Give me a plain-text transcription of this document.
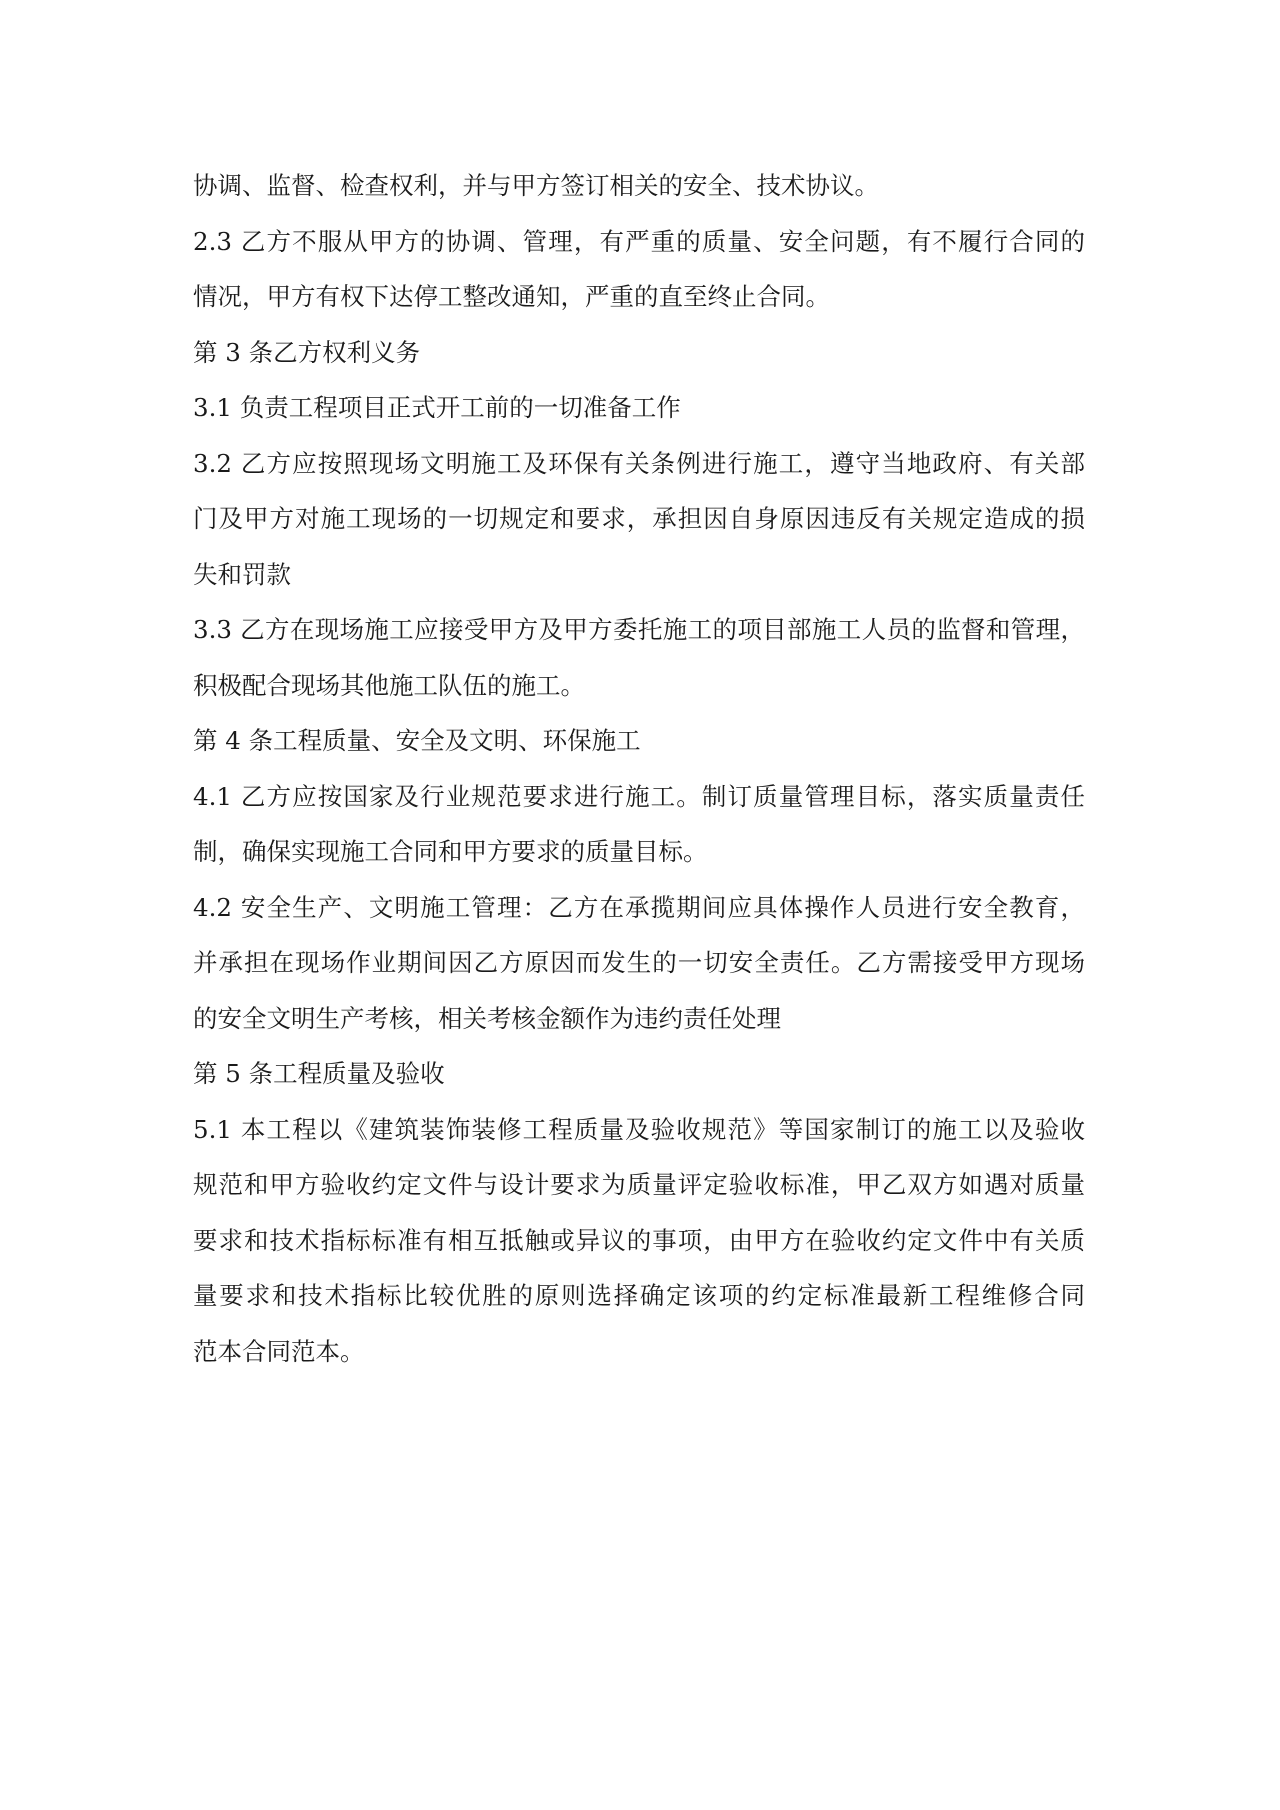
协调、监督、检查权利，并与甲方签订相关的安全、技术协议。
2.3 乙方不服从甲方的协调、管理，有严重的质量、安全问题，有不履行合同的
情况，甲方有权下达停工整改通知，严重的直至终止合同。
第 3 条乙方权利义务
3.1 负责工程项目正式开工前的一切准备工作
3.2 乙方应按照现场文明施工及环保有关条例进行施工，遵守当地政府、有关部
门及甲方对施工现场的一切规定和要求，承担因自身原因违反有关规定造成的损
失和罚款
3.3 乙方在现场施工应接受甲方及甲方委托施工的项目部施工人员的监督和管理，
积极配合现场其他施工队伍的施工。
第 4 条工程质量、安全及文明、环保施工
4.1 乙方应按国家及行业规范要求进行施工。制订质量管理目标，落实质量责任
制，确保实现施工合同和甲方要求的质量目标。
4.2 安全生产、文明施工管理：乙方在承揽期间应具体操作人员进行安全教育，
并承担在现场作业期间因乙方原因而发生的一切安全责任。乙方需接受甲方现场
的安全文明生产考核，相关考核金额作为违约责任处理
第 5 条工程质量及验收
5.1 本工程以《建筑装饰装修工程质量及验收规范》等国家制订的施工以及验收
规范和甲方验收约定文件与设计要求为质量评定验收标准，甲乙双方如遇对质量
要求和技术指标标准有相互抵触或异议的事项，由甲方在验收约定文件中有关质
量要求和技术指标比较优胜的原则选择确定该项的约定标准最新工程维修合同
范本合同范本。
